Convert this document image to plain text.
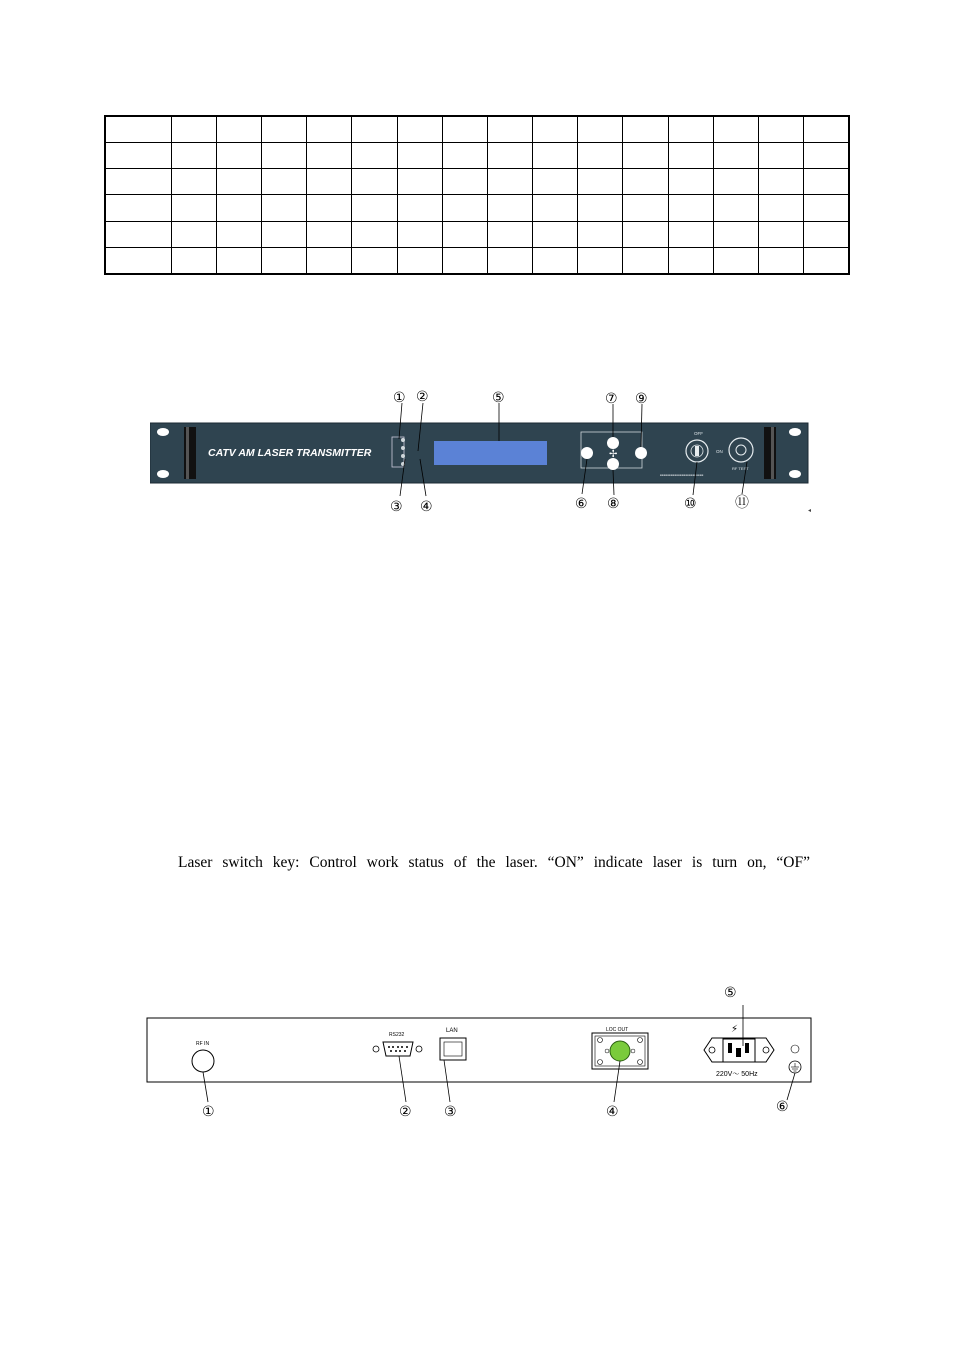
CATV AM LASER TRANSMITTER	✢
OFF
ON
RF TEST
■■■■■■■■■■■■■■■■■■■■■■■■
① ②	⑤	⑦ ⑨
③ ④	⑥ ⑧	⑩	⑪
◂
Laser switch key: Control work status of the laser. “ON” indicate laser is turn on, “OF”
RF IN
RS232
LAN	LOC OUT	⚡
220V～ 50Hz
①	② ③	④
⑤
⑥
